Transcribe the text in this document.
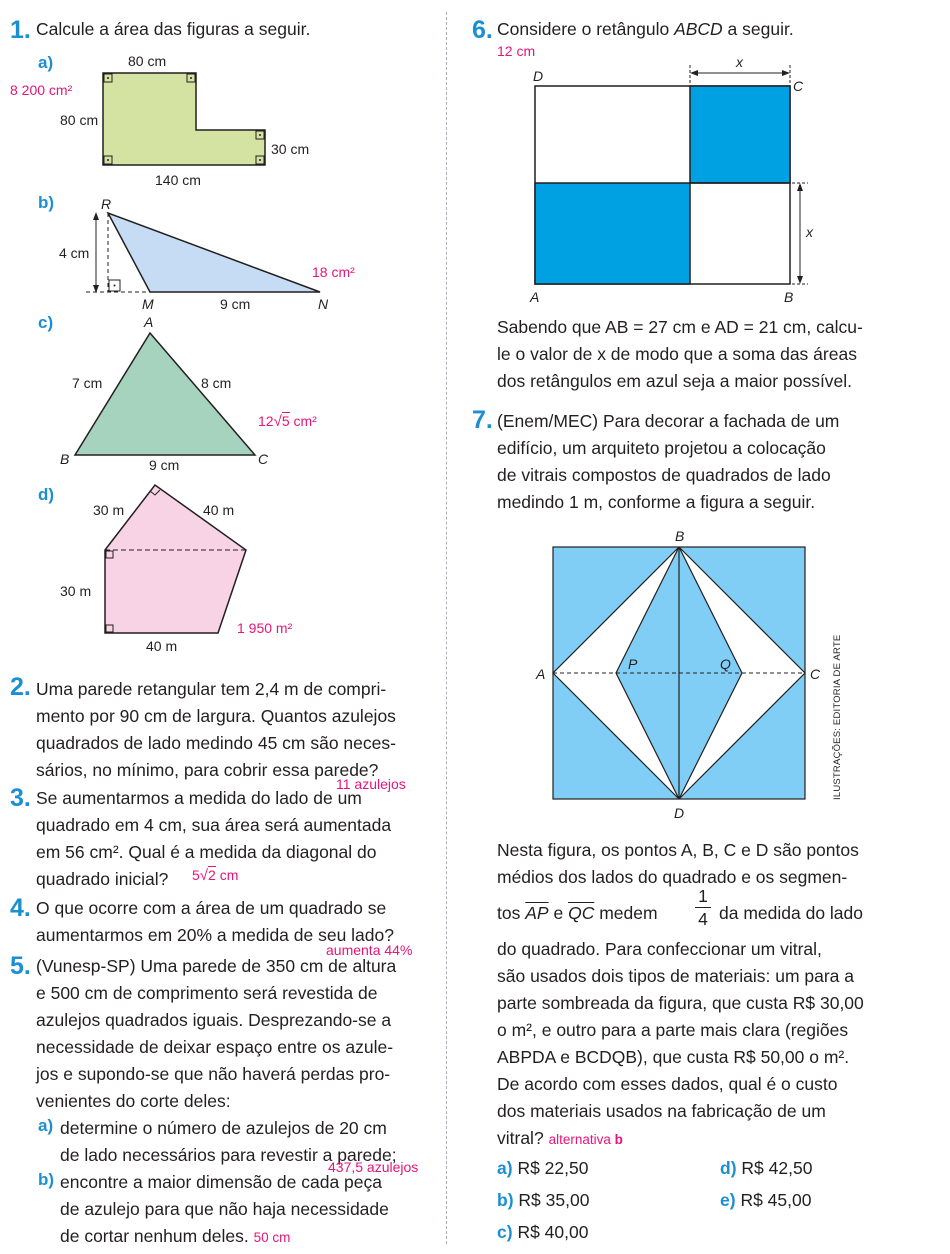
1. Calcule a área das figuras a seguir.
a)
8 200 cm²
80 cm
80 cm
30 cm
140 cm
b)	R
M	N
4 cm
9 cm
18 cm²
c)	A
B	C
7 cm	8 cm
9 cm
12√5 cm²
d)
30 m	40 m
30 m
40 m
1 950 m²
2. Uma parede retangular tem 2,4 m de compri-
mento por 90 cm de largura. Quantos azulejos
quadrados de lado medindo 45 cm são neces-
sários, no mínimo, para cobrir essa parede?
11 azulejos
3. Se aumentarmos a medida do lado de um
quadrado em 4 cm, sua área será aumentada
em 56 cm². Qual é a medida da diagonal do
quadrado inicial?	5√2 cm
4. O que ocorre com a área de um quadrado se
aumentarmos em 20% a medida de seu lado?
aumenta 44%
5. (Vunesp-SP) Uma parede de 350 cm de altura
e 500 cm de comprimento será revestida de
azulejos quadrados iguais. Desprezando-se a
necessidade de deixar espaço entre os azule-
jos e supondo-se que não haverá perdas pro-
venientes do corte deles:
a) determine o número de azulejos de 20 cm
de lado necessários para revestir a parede;
437,5 azulejos
b) encontre a maior dimensão de cada peça
de azulejo para que não haja necessidade
de cortar nenhum deles. 50 cm
6. Considere o retângulo ABCD a seguir.
12 cm
D
C
A	B
x
x
Sabendo que AB = 27 cm e AD = 21 cm, calcu-
le o valor de x de modo que a soma das áreas
dos retângulos em azul seja a maior possível.
7. (Enem/MEC) Para decorar a fachada de um
edifício, um arquiteto projetou a colocação
de vitrais compostos de quadrados de lado
medindo 1 m, conforme a figura a seguir.
B
A	C
D
P	Q	ILUSTRAÇÕES: EDITORIA DE ARTE
Nesta figura, os pontos A, B, C e D são pontos
médios dos lados do quadrado e os segmen-
tos $\overline{AP}$ e $\overline{QC}$ medem
1
4 da medida do lado
do quadrado. Para confeccionar um vitral,
são usados dois tipos de materiais: um para a
parte sombreada da figura, que custa R$ 30,00
o m², e outro para a parte mais clara (regiões
ABPDA e BCDQB), que custa R$ 50,00 o m².
De acordo com esses dados, qual é o custo
dos materiais usados na fabricação de um
vitral? alternativa b
a) R$ 22,50
b) R$ 35,00
c) R$ 40,00
d) R$ 42,50
e) R$ 45,00
